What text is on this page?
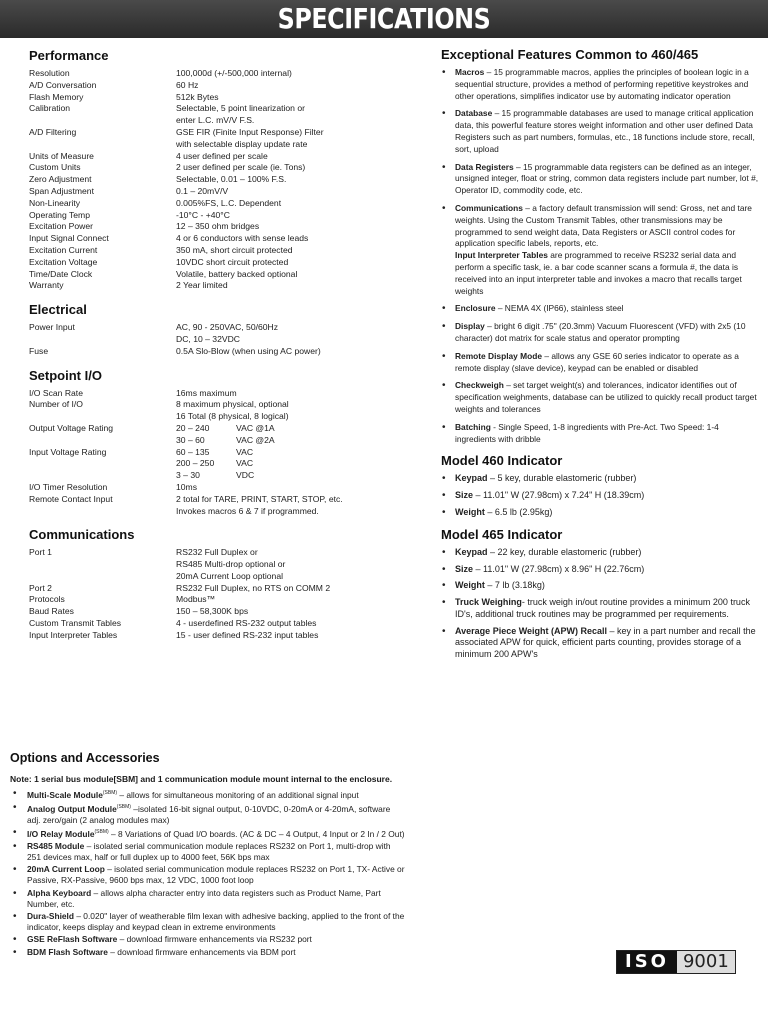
SPECIFICATIONS
Performance
Resolution	100,000d (+/-500,000 internal)
A/D Conversation	60 Hz
Flash Memory	512k Bytes
Calibration	Selectable, 5 point linearization or
enter L.C. mV/V F.S.
A/D Filtering	GSE FIR (Finite Input Response) Filter
with selectable display update rate
Units of Measure	4 user defined per scale
Custom Units	2 user defined per scale (ie. Tons)
Zero Adjustment	Selectable, 0.01 – 100% F.S.
Span Adjustment	0.1 – 20mV/V
Non-Linearity	0.005%FS, L.C. Dependent
Operating Temp	-10°C - +40°C
Excitation Power	12 – 350 ohm bridges
Input Signal Connect	4 or 6 conductors with sense leads
Excitation Current	350 mA, short circuit protected
Excitation Voltage	10VDC short circuit protected
Time/Date Clock	Volatile, battery backed optional
Warranty	2 Year limited
Electrical
Power Input	AC, 90 - 250VAC, 50/60Hz
DC, 10 – 32VDC
Fuse	0.5A Slo-Blow (when using AC power)
Setpoint I/O
I/O Scan Rate	16ms maximum
Number of I/O	8 maximum physical, optional
16 Total (8 physical, 8 logical)
Output Voltage Rating	20 – 240	VAC @1A
30 – 60	VAC @2A
Input Voltage Rating	60 – 135	VAC
200 – 250	VAC
3 – 30	VDC
I/O Timer Resolution	10ms
Remote Contact Input	2 total for TARE, PRINT, START, STOP, etc.
Invokes macros 6 & 7 if programmed.
Communications
Port 1	RS232 Full Duplex or
RS485 Multi-drop optional or
20mA Current Loop optional
Port 2	RS232 Full Duplex, no RTS on COMM 2
Protocols	Modbus™
Baud Rates	150 – 58,300K bps
Custom Transmit Tables	4 - userdefined RS-232 output tables
Input Interpreter Tables	15 - user defined RS-232 input tables
Options and Accessories
Note: 1 serial bus module[SBM] and 1 communication module mount internal to the enclosure.
• Multi-Scale Module$^{(SBM)}$ – allows for simultaneous monitoring of an additional signal input
• Analog Output Module$^{(SBM)}$ –isolated 16-bit signal output, 0-10VDC, 0-20mA or 4-20mA, software adj. zero/gain (2 analog modules max)
• I/O Relay Module$^{(SBM)}$ – 8 Variations of Quad I/O boards. (AC & DC – 4 Output, 4 Input or 2 In / 2 Out)
• RS485 Module – isolated serial communication module replaces RS232 on Port 1, multi-drop with 251 devices max, half or full duplex up to 4000 feet, 56K bps max
• 20mA Current Loop – isolated serial communication module replaces RS232 on Port 1, TX- Active or Passive, RX-Passive, 9600 bps max, 12 VDC, 1000 foot loop
• Alpha Keyboard – allows alpha character entry into data registers such as Product Name, Part Number, etc.
• Dura-Shield – 0.020" layer of weatherable film lexan with adhesive backing, applied to the front of the indicator, keeps display and keypad clean in extreme environments
• GSE ReFlash Software – download firmware enhancements via RS232 port
• BDM Flash Software – download firmware enhancements via BDM port
Exceptional Features Common to 460/465
• Macros – 15 programmable macros, applies the principles of boolean logic in a sequential structure, provides a method of performing repetitive keystrokes and other operations, simplifies indicator use by automating indicator operation
• Database – 15 programmable databases are used to manage critical application data, this powerful feature stores weight information and other user defined Data Registers such as part numbers, formulas, etc., 18 functions include store, recall, sort, upload
• Data Registers – 15 programmable data registers can be defined as an integer, unsigned integer, float or string, common data registers include part number, lot #, Operator ID, commodity code, etc.
• Communications – a factory default transmission will send: Gross, net and tare weights. Using the Custom Transmit Tables, other transmissions may be programmed to send weight data, Data Registers or ASCII control codes for application specific labels, reports, etc.
Input Interpreter Tables are programmed to receive RS232 serial data and perform a specific task, ie. a bar code scanner scans a formula #, the data is received into an input interpreter table and invokes a macro that recalls target weights
• Enclosure – NEMA 4X (IP66), stainless steel
• Display – bright 6 digit .75" (20.3mm) Vacuum Fluorescent (VFD) with 2x5 (10 character) dot matrix for scale status and operator prompting
• Remote Display Mode – allows any GSE 60 series indicator to operate as a remote display (slave device), keypad can be enabled or disabled
• Checkweigh – set target weight(s) and tolerances, indicator identifies out of specification weighments, database can be utilized to quickly recall product target weights and tolerances
• Batching - Single Speed, 1-8 ingredients with Pre-Act. Two Speed: 1-4 ingredients with dribble
Model 460 Indicator
• Keypad – 5 key, durable elastomeric (rubber)
• Size – 11.01" W (27.98cm) x 7.24" H (18.39cm)
• Weight – 6.5 lb (2.95kg)
Model 465 Indicator
• Keypad – 22 key, durable elastomeric (rubber)
• Size – 11.01" W (27.98cm) x 8.96" H (22.76cm)
• Weight – 7 lb (3.18kg)
• Truck Weighing- truck weigh in/out routine provides a minimum 200 truck ID's, additional truck routines may be programmed per requirements.
• Average Piece Weight (APW) Recall – key in a part number and recall the associated APW for quick, efficient parts counting, provides storage of a minimum 200 APW's
ISO 9001
